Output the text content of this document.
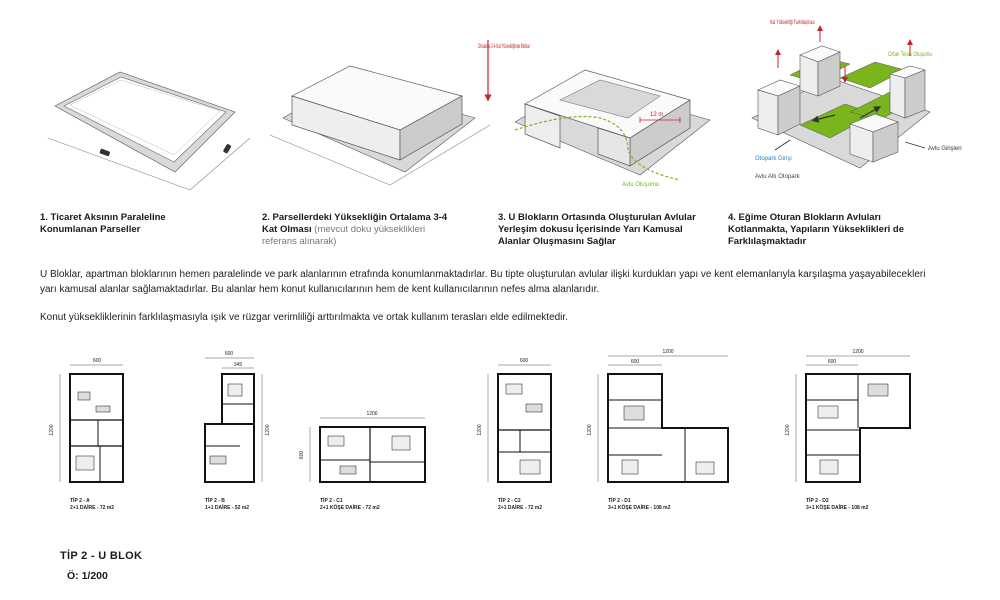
600
1200
600
345
1200
1200
600
600
1200
1200
600
1200
1200
600
1200
Ortalama 3-4 Kat Yüksekliğinde Bloklar
12 m
Avlu Oluşumu
Kat Yüksekliği Farklılaşması
Ortak Teras Oluşumu
Otopark Girişi
Avlu Altı Otopark
Avlu Girişleri
1. Ticaret Aksının Paraleline Konumlanan Parseller
2. Parsellerdeki Yüksekliğin Ortalama 3-4 Kat Olması (mevcut doku yükseklikleri referans alınarak)
3. U Blokların Ortasında Oluşturulan Avlular Yerleşim dokusu İçerisinde Yarı Kamusal Alanlar Oluşmasını Sağlar
4. Eğime Oturan Blokların Avluları Kotlanmakta, Yapıların Yükseklikleri de Farklılaşmaktadır
U Bloklar, apartman bloklarının hemen paralelinde ve park alanlarının etrafında konumlanmaktadırlar. Bu tipte oluşturulan avlular ilişki kurdukları yapı ve kent elemanlarıyla karşılaşma yaşayabilecekleri yarı kamusal alanlar sağlamaktadırlar. Bu alanlar hem konut kullanıcılarının hem de kent kullanıcılarının nefes alma alanlarıdır.
Konut yüksekliklerinin farklılaşmasıyla ışık ve rüzgar verimliliği arttırılmakta ve ortak kullanım terasları elde edilmektedir.
TİP 2 - A
2+1 DAİRE - 72 m2
TİP 2 - B
1+1 DAİRE - 52 m2
TİP 2 - C1
2+1 KÖŞE DAİRE - 72 m2
TİP 2 - C2
2+1 DAİRE - 72 m2
TİP 2 - D1
3+1 KÖŞE DAİRE - 108 m2
TİP 2 - D2
3+1 KÖŞE DAİRE - 108 m2
TİP 2 - U BLOK
Ö: 1/200
